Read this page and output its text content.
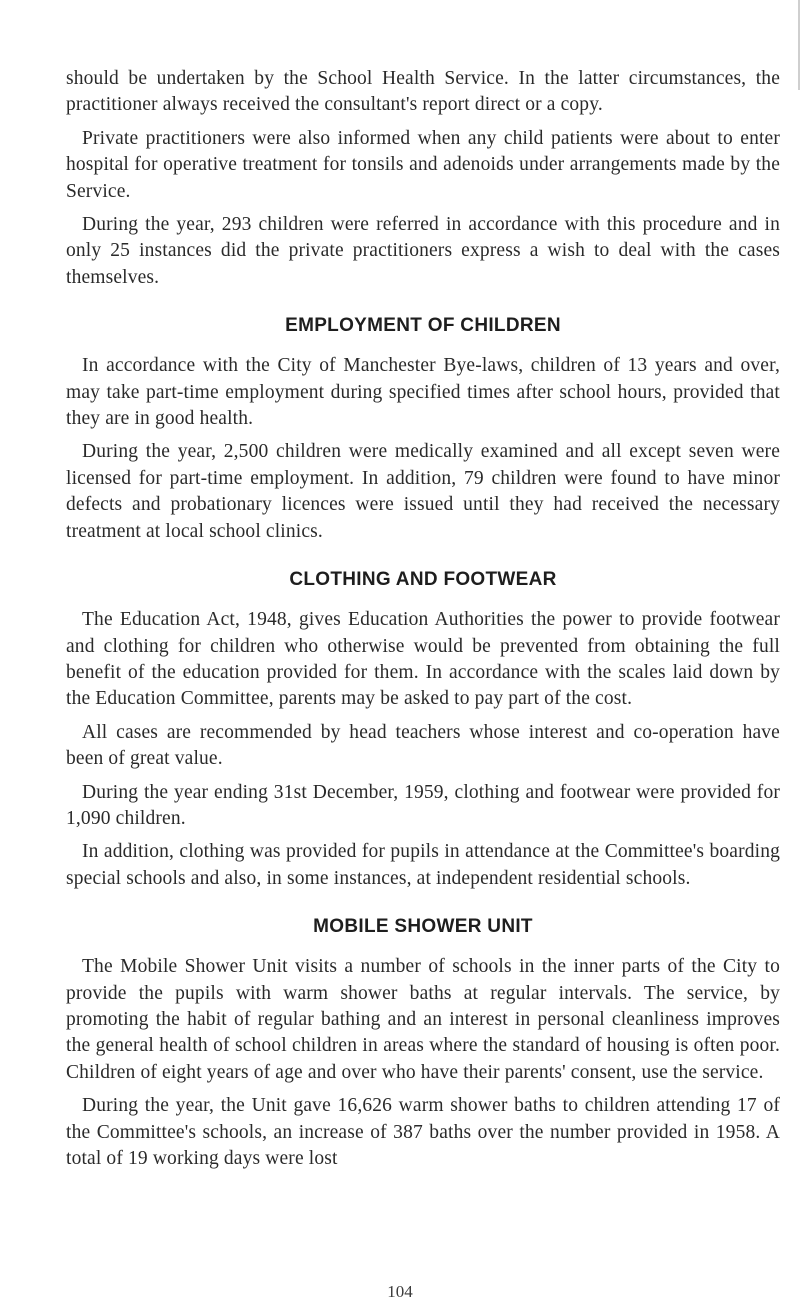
should be undertaken by the School Health Service. In the latter circumstances, the practitioner always received the consultant's report direct or a copy.

Private practitioners were also informed when any child patients were about to enter hospital for operative treatment for tonsils and adenoids under arrangements made by the Service.

During the year, 293 children were referred in accordance with this procedure and in only 25 instances did the private practitioners express a wish to deal with the cases themselves.

EMPLOYMENT OF CHILDREN

In accordance with the City of Manchester Bye-laws, children of 13 years and over, may take part-time employment during specified times after school hours, provided that they are in good health.

During the year, 2,500 children were medically examined and all except seven were licensed for part-time employment. In addition, 79 children were found to have minor defects and probationary licences were issued until they had received the necessary treatment at local school clinics.

CLOTHING AND FOOTWEAR

The Education Act, 1948, gives Education Authorities the power to provide footwear and clothing for children who otherwise would be prevented from obtaining the full benefit of the education provided for them. In accordance with the scales laid down by the Education Committee, parents may be asked to pay part of the cost.

All cases are recommended by head teachers whose interest and co-operation have been of great value.

During the year ending 31st December, 1959, clothing and footwear were provided for 1,090 children.

In addition, clothing was provided for pupils in attendance at the Committee's boarding special schools and also, in some instances, at independent residential schools.

MOBILE SHOWER UNIT

The Mobile Shower Unit visits a number of schools in the inner parts of the City to provide the pupils with warm shower baths at regular intervals. The service, by promoting the habit of regular bathing and an interest in personal cleanliness improves the general health of school children in areas where the standard of housing is often poor. Children of eight years of age and over who have their parents' consent, use the service.

During the year, the Unit gave 16,626 warm shower baths to children attending 17 of the Committee's schools, an increase of 387 baths over the number provided in 1958. A total of 19 working days were lost

104
